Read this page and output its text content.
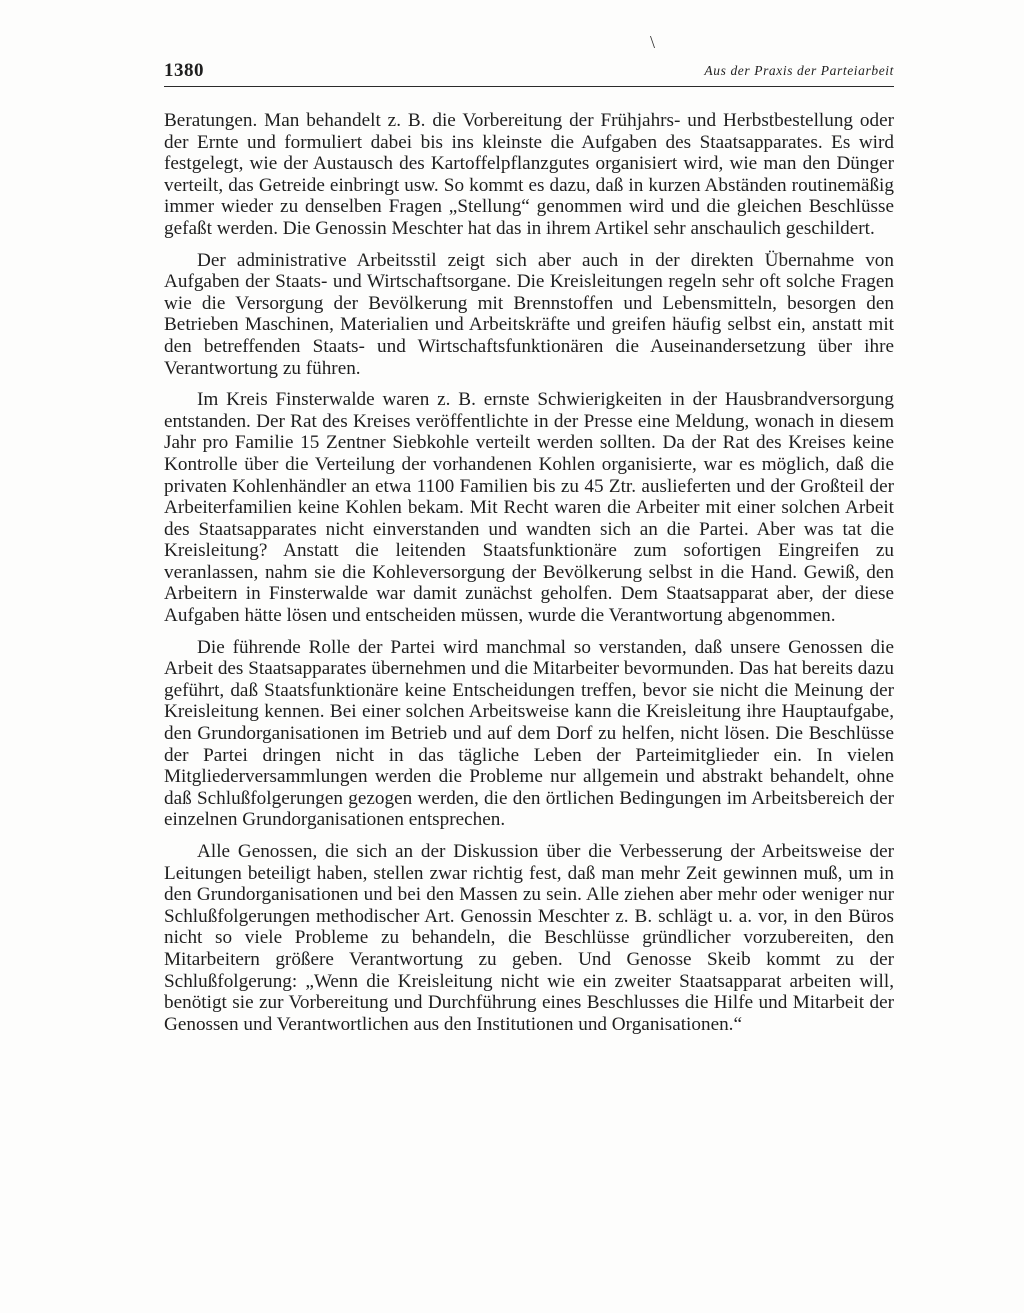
\
1380	Aus der Praxis der Parteiarbeit

Beratungen. Man behandelt z. B. die Vorbereitung der Frühjahrs- und Herbstbestellung oder der Ernte und formuliert dabei bis ins kleinste die Aufgaben des Staatsapparates. Es wird festgelegt, wie der Austausch des Kartoffelpflanzgutes organisiert wird, wie man den Dünger verteilt, das Getreide einbringt usw. So kommt es dazu, daß in kurzen Abständen routinemäßig immer wieder zu denselben Fragen „Stellung“ genommen wird und die gleichen Beschlüsse gefaßt werden. Die Genossin Meschter hat das in ihrem Artikel sehr anschaulich geschildert.

Der administrative Arbeitsstil zeigt sich aber auch in der direkten Übernahme von Aufgaben der Staats- und Wirtschaftsorgane. Die Kreisleitungen regeln sehr oft solche Fragen wie die Versorgung der Bevölkerung mit Brennstoffen und Lebensmitteln, besorgen den Betrieben Maschinen, Materialien und Arbeitskräfte und greifen häufig selbst ein, anstatt mit den betreffenden Staats- und Wirtschaftsfunktionären die Auseinandersetzung über ihre Verantwortung zu führen.

Im Kreis Finsterwalde waren z. B. ernste Schwierigkeiten in der Hausbrandversorgung entstanden. Der Rat des Kreises veröffentlichte in der Presse eine Meldung, wonach in diesem Jahr pro Familie 15 Zentner Siebkohle verteilt werden sollten. Da der Rat des Kreises keine Kontrolle über die Verteilung der vorhandenen Kohlen organisierte, war es möglich, daß die privaten Kohlenhändler an etwa 1100 Familien bis zu 45 Ztr. auslieferten und der Großteil der Arbeiterfamilien keine Kohlen bekam. Mit Recht waren die Arbeiter mit einer solchen Arbeit des Staatsapparates nicht einverstanden und wandten sich an die Partei. Aber was tat die Kreisleitung? Anstatt die leitenden Staatsfunktionäre zum sofortigen Eingreifen zu veranlassen, nahm sie die Kohleversorgung der Bevölkerung selbst in die Hand. Gewiß, den Arbeitern in Finsterwalde war damit zunächst geholfen. Dem Staatsapparat aber, der diese Aufgaben hätte lösen und entscheiden müssen, wurde die Verantwortung abgenommen.

Die führende Rolle der Partei wird manchmal so verstanden, daß unsere Genossen die Arbeit des Staatsapparates übernehmen und die Mitarbeiter bevormunden. Das hat bereits dazu geführt, daß Staatsfunktionäre keine Entscheidungen treffen, bevor sie nicht die Meinung der Kreisleitung kennen. Bei einer solchen Arbeitsweise kann die Kreisleitung ihre Hauptaufgabe, den Grundorganisationen im Betrieb und auf dem Dorf zu helfen, nicht lösen. Die Beschlüsse der Partei dringen nicht in das tägliche Leben der Parteimitglieder ein. In vielen Mitgliederversammlungen werden die Probleme nur allgemein und abstrakt behandelt, ohne daß Schlußfolgerungen gezogen werden, die den örtlichen Bedingungen im Arbeitsbereich der einzelnen Grundorganisationen entsprechen.

Alle Genossen, die sich an der Diskussion über die Verbesserung der Arbeitsweise der Leitungen beteiligt haben, stellen zwar richtig fest, daß man mehr Zeit gewinnen muß, um in den Grundorganisationen und bei den Massen zu sein. Alle ziehen aber mehr oder weniger nur Schlußfolgerungen methodischer Art. Genossin Meschter z. B. schlägt u. a. vor, in den Büros nicht so viele Probleme zu behandeln, die Beschlüsse gründlicher vorzubereiten, den Mitarbeitern größere Verantwortung zu geben. Und Genosse Skeib kommt zu der Schlußfolgerung: „Wenn die Kreisleitung nicht wie ein zweiter Staatsapparat arbeiten will, benötigt sie zur Vorbereitung und Durchführung eines Beschlusses die Hilfe und Mitarbeit der Genossen und Verantwortlichen aus den Institutionen und Organisationen.“
